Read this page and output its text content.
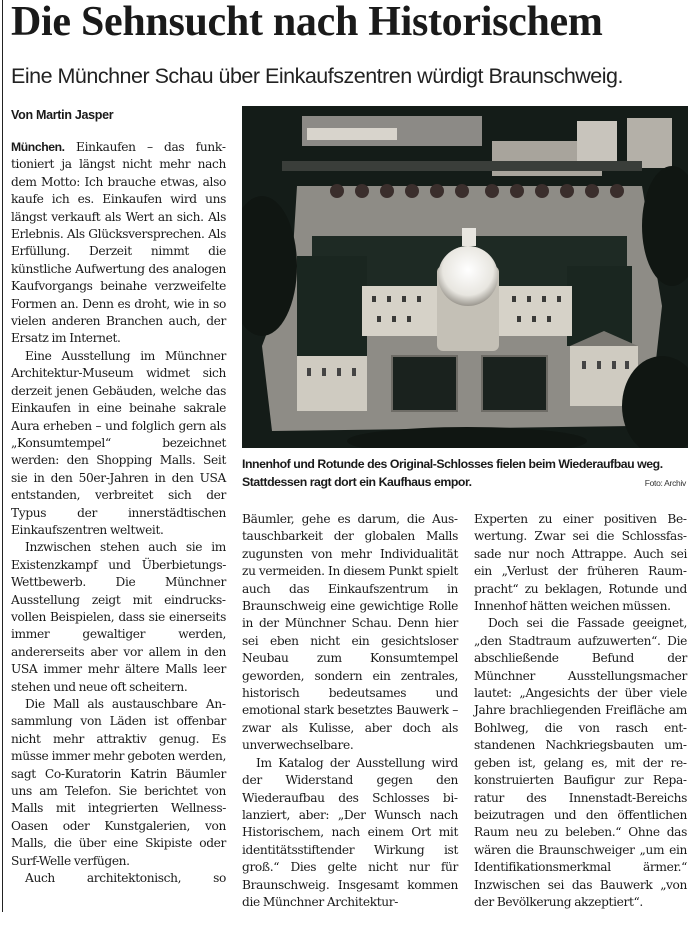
Die Sehnsucht nach Historischem
Eine Münchner Schau über Einkaufszentren würdigt Braunschweig.
Von Martin Jasper

München. Einkaufen – das funktioniert ja längst nicht mehr nach dem Motto: Ich brauche etwas, also kaufe ich es. Einkaufen wird uns längst verkauft als Wert an sich. Als Erlebnis. Als Glücksversprechen. Als Erfüllung. Derzeit nimmt die künstliche Aufwertung des analogen Kaufvorgangs beinahe verzweifelte Formen an. Denn es droht, wie in so vielen anderen Branchen auch, der Ersatz im Internet.

Eine Ausstellung im Münchner Architektur-Museum widmet sich derzeit jenen Gebäuden, welche das Einkaufen in eine beinahe sakrale Aura erheben – und folglich gern als „Konsumtempel“ bezeichnet werden: den Shopping Malls. Seit sie in den 50er-Jahren in den USA entstanden, verbreitet sich der Typus der innerstädtischen Einkaufszentren weltweit.

Inzwischen stehen auch sie im Existenzkampf und Überbietungs-Wettbewerb. Die Münchner Ausstellung zeigt mit eindrucksvollen Beispielen, dass sie einerseits immer gewaltiger werden, andererseits aber vor allem in den USA immer mehr ältere Malls leer stehen und neue oft scheitern.

Die Mall als austauschbare Ansammlung von Läden ist offenbar nicht mehr attraktiv genug. Es müsse immer mehr geboten werden, sagt Co-Kuratorin Katrin Bäumler uns am Telefon. Sie berichtet von Malls mit integrierten Wellness-Oasen oder Kunstgalerien, von Malls, die über eine Skipiste oder Surf-Welle verfügen.

Auch architektonisch, so

Innenhof und Rotunde des Original-Schlosses fielen beim Wiederaufbau weg. Stattdessen ragt dort ein Kaufhaus empor.	Foto: Archiv

Bäumler, gehe es darum, die Austauschbarkeit der globalen Malls zugunsten von mehr Individualität zu vermeiden. In diesem Punkt spielt auch das Einkaufszentrum in Braunschweig eine gewichtige Rolle in der Münchner Schau. Denn hier sei eben nicht ein gesichtsloser Neubau zum Konsumtempel geworden, sondern ein zentrales, historisch bedeutsames und emotional stark besetztes Bauwerk – zwar als Kulisse, aber doch als unverwechselbare.

Im Katalog der Ausstellung wird der Widerstand gegen den Wiederaufbau des Schlosses bilanziert, aber: „Der Wunsch nach Historischem, nach einem Ort mit identitätsstiftender Wirkung ist groß.“ Dies gelte nicht nur für Braunschweig. Insgesamt kommen die Münchner Architektur-

Experten zu einer positiven Bewertung. Zwar sei die Schlossfassade nur noch Attrappe. Auch sei ein „Verlust der früheren Raumpracht“ zu beklagen, Rotunde und Innenhof hätten weichen müssen.

Doch sei die Fassade geeignet, „den Stadtraum aufzuwerten“. Die abschließende Befund der Münchner Ausstellungsmacher lautet: „Angesichts der über viele Jahre brachliegenden Freifläche am Bohlweg, die von rasch entstandenen Nachkriegsbauten umgeben ist, gelang es, mit der rekonstruierten Baufigur zur Reparatur des Innenstadt-Bereichs beizutragen und den öffentlichen Raum neu zu beleben.“ Ohne das wären die Braunschweiger „um ein Identifikationsmerkmal ärmer.“ Inzwischen sei das Bauwerk „von der Bevölkerung akzeptiert“.
